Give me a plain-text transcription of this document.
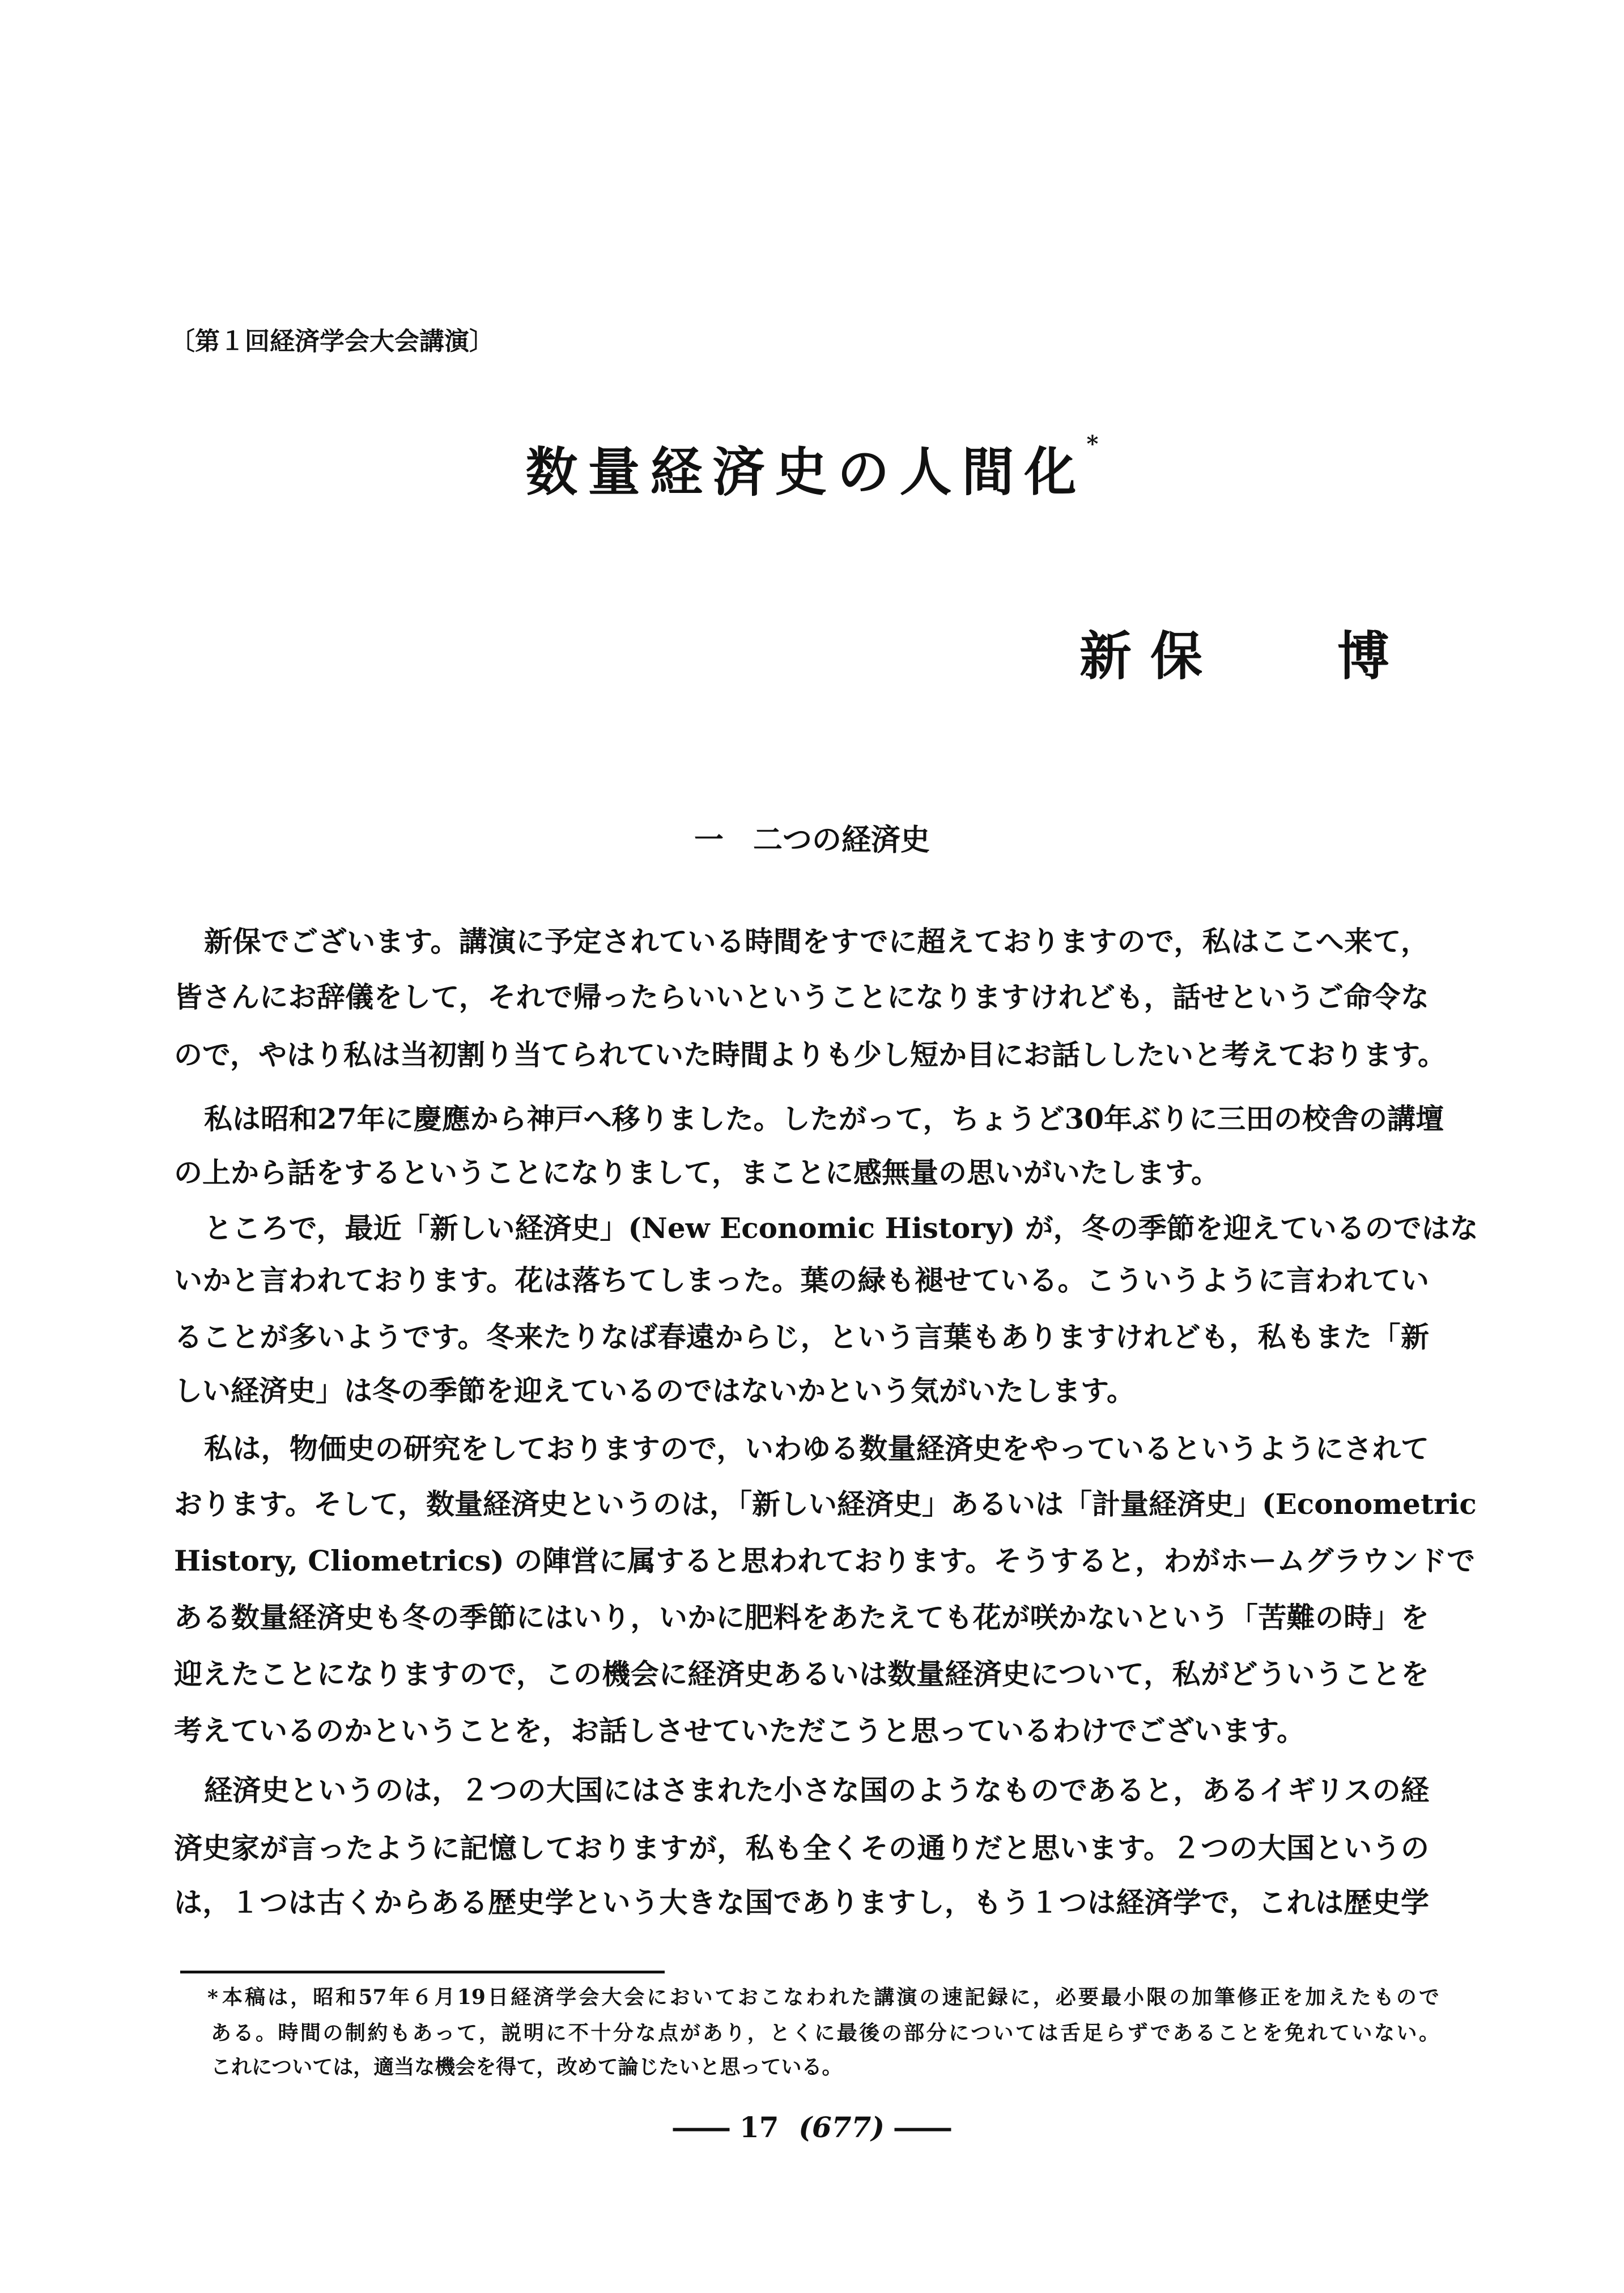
〔第１回経済学会大会講演〕
数量経済史の人間化*
新 保	博
一　二つの経済史
新保でございます。講演に予定されている時間をすでに超えておりますので，私はここへ来て，
皆さんにお辞儀をして，それで帰ったらいいということになりますけれども，話せというご命令な
ので，やはり私は当初割り当てられていた時間よりも少し短か目にお話ししたいと考えております。
私は昭和27年に慶應から神戸へ移りました。したがって，ちょうど30年ぶりに三田の校舎の講壇
の上から話をするということになりまして，まことに感無量の思いがいたします。
ところで，最近「新しい経済史」(New Economic History) が，冬の季節を迎えているのではな
いかと言われております。花は落ちてしまった。葉の緑も褪せている。こういうように言われてい
ることが多いようです。冬来たりなば春遠からじ，という言葉もありますけれども，私もまた「新
しい経済史」は冬の季節を迎えているのではないかという気がいたします。
私は，物価史の研究をしておりますので，いわゆる数量経済史をやっているというようにされて
おります。そして，数量経済史というのは，「新しい経済史」あるいは「計量経済史」(Econometric
History, Cliometrics) の陣営に属すると思われております。そうすると，わがホームグラウンドで
ある数量経済史も冬の季節にはいり，いかに肥料をあたえても花が咲かないという「苦難の時」を
迎えたことになりますので，この機会に経済史あるいは数量経済史について，私がどういうことを
考えているのかということを，お話しさせていただこうと思っているわけでございます。
経済史というのは，２つの大国にはさまれた小さな国のようなものであると，あるイギリスの経
済史家が言ったように記憶しておりますが，私も全くその通りだと思います。２つの大国というの
は，１つは古くからある歴史学という大きな国でありますし，もう１つは経済学で，これは歴史学
* 本稿は，昭和57年６月19日経済学会大会においておこなわれた講演の速記録に，必要最小限の加筆修正を加えたもので
ある。時間の制約もあって，説明に不十分な点があり，とくに最後の部分については舌足らずであることを免れていない。
これについては，適当な機会を得て，改めて論じたいと思っている。
―― 17 (677) ――
